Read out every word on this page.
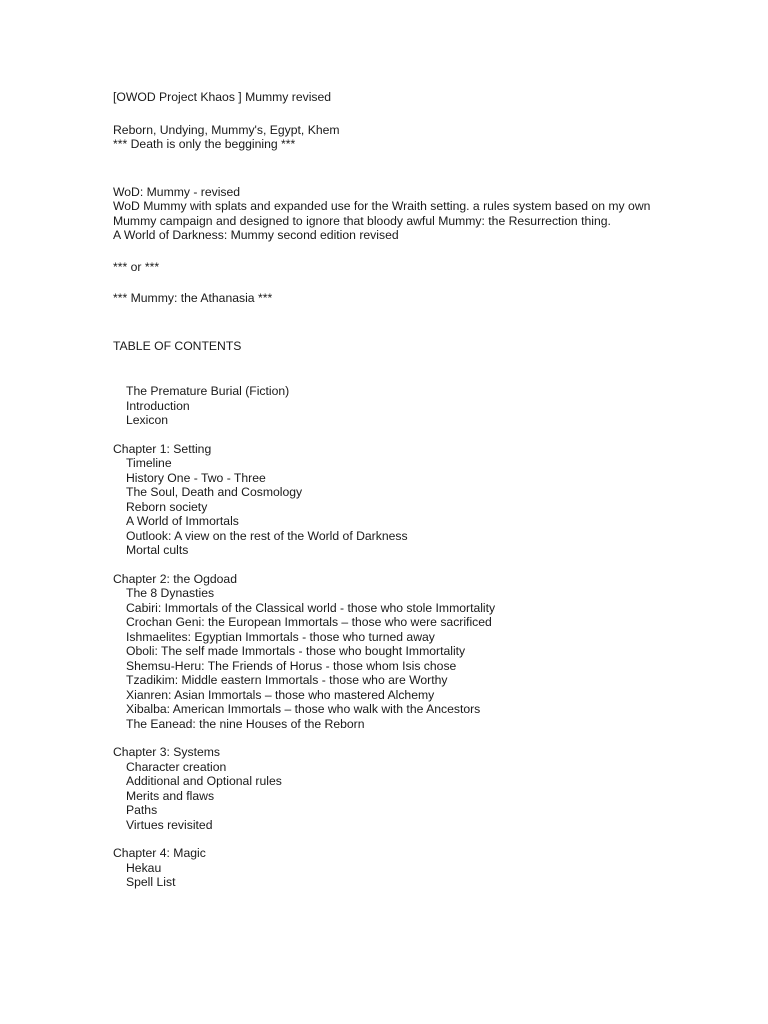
[OWOD Project Khaos ] Mummy revised
Reborn, Undying, Mummy's, Egypt, Khem
*** Death is only the beggining ***
WoD: Mummy - revised
WoD Mummy with splats and expanded use for the Wraith setting. a rules system based on my own Mummy campaign and designed to ignore that bloody awful Mummy: the Resurrection thing.
A World of Darkness: Mummy second edition revised
*** or ***
*** Mummy: the Athanasia ***
TABLE OF CONTENTS
The Premature Burial (Fiction)
Introduction
Lexicon
Chapter 1: Setting
Timeline
History One - Two - Three
The Soul, Death and Cosmology
Reborn society
A World of Immortals
Outlook: A view on the rest of the World of Darkness
Mortal cults
Chapter 2: the Ogdoad
The 8 Dynasties
Cabiri: Immortals of the Classical world - those who stole Immortality
Crochan Geni: the European Immortals – those who were sacrificed
Ishmaelites: Egyptian Immortals - those who turned away
Oboli: The self made Immortals - those who bought Immortality
Shemsu-Heru: The Friends of Horus - those whom Isis chose
Tzadikim: Middle eastern Immortals - those who are Worthy
Xianren: Asian Immortals – those who mastered Alchemy
Xibalba: American Immortals – those who walk with the Ancestors
The Eanead: the nine Houses of the Reborn
Chapter 3: Systems
Character creation
Additional and Optional rules
Merits and flaws
Paths
Virtues revisited
Chapter 4: Magic
Hekau
Spell List
